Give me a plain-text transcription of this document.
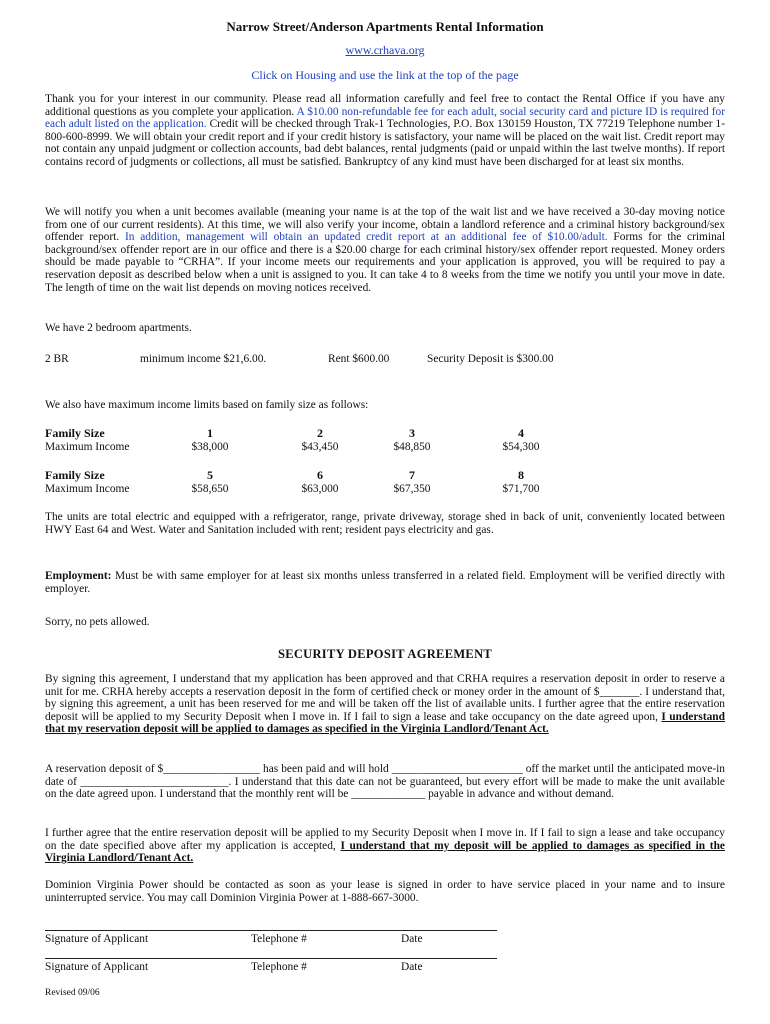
Narrow Street/Anderson Apartments Rental Information
www.crhava.org
Click on Housing and use the link at the top of the page
Thank you for your interest in our community. Please read all information carefully and feel free to contact the Rental Office if you have any additional questions as you complete your application. A $10.00 non-refundable fee for each adult, social security card and picture ID is required for each adult listed on the application. Credit will be checked through Trak-1 Technologies, P.O. Box 130159 Houston, TX 77219 Telephone number 1-800-600-8999. We will obtain your credit report and if your credit history is satisfactory, your name will be placed on the wait list. Credit report may not contain any unpaid judgment or collection accounts, bad debt balances, rental judgments (paid or unpaid within the last twelve months). If report contains record of judgments or collections, all must be satisfied. Bankruptcy of any kind must have been discharged for at least six months.
We will notify you when a unit becomes available (meaning your name is at the top of the wait list and we have received a 30-day moving notice from one of our current residents). At this time, we will also verify your income, obtain a landlord reference and a criminal history background/sex offender report. In addition, management will obtain an updated credit report at an additional fee of $10.00/adult. Forms for the criminal background/sex offender report are in our office and there is a $20.00 charge for each criminal history/sex offender report requested. Money orders should be made payable to “CRHA”. If your income meets our requirements and your application is approved, you will be required to pay a reservation deposit as described below when a unit is assigned to you. It can take 4 to 8 weeks from the time we notify you until your move in date. The length of time on the wait list depends on moving notices received.
We have 2 bedroom apartments.
2 BR	minimum income $21,6.00.	Rent $600.00	Security Deposit is $300.00
We also have maximum income limits based on family size as follows:
Family Size	1	2	3	4
Maximum Income	$38,000	$43,450	$48,850	$54,300
Family Size	5	6	7	8
Maximum Income	$58,650	$63,000	$67,350	$71,700
The units are total electric and equipped with a refrigerator, range, private driveway, storage shed in back of unit, conveniently located between HWY East 64 and West. Water and Sanitation included with rent; resident pays electricity and gas.
Employment: Must be with same employer for at least six months unless transferred in a related field. Employment will be verified directly with employer.
Sorry, no pets allowed.
SECURITY DEPOSIT AGREEMENT
By signing this agreement, I understand that my application has been approved and that CRHA requires a reservation deposit in order to reserve a unit for me. CRHA hereby accepts a reservation deposit in the form of certified check or money order in the amount of $_______. I understand that, by signing this agreement, a unit has been reserved for me and will be taken off the list of available units. I further agree that the entire reservation deposit will be applied to my Security Deposit when I move in. If I fail to sign a lease and take occupancy on the date agreed upon, I understand that my reservation deposit will be applied to damages as specified in the Virginia Landlord/Tenant Act.
A reservation deposit of $_________________ has been paid and will hold _______________________ off the market until the anticipated move-in date of __________________________. I understand that this date can not be guaranteed, but every effort will be made to make the unit available on the date agreed upon. I understand that the monthly rent will be _____________ payable in advance and without demand.
I further agree that the entire reservation deposit will be applied to my Security Deposit when I move in. If I fail to sign a lease and take occupancy on the date specified above after my application is accepted, I understand that my deposit will be applied to damages as specified in the Virginia Landlord/Tenant Act.
Dominion Virginia Power should be contacted as soon as your lease is signed in order to have service placed in your name and to insure uninterrupted service. You may call Dominion Virginia Power at 1-888-667-3000.
Signature of Applicant	Telephone #	Date
Signature of Applicant	Telephone #	Date
Revised 09/06
